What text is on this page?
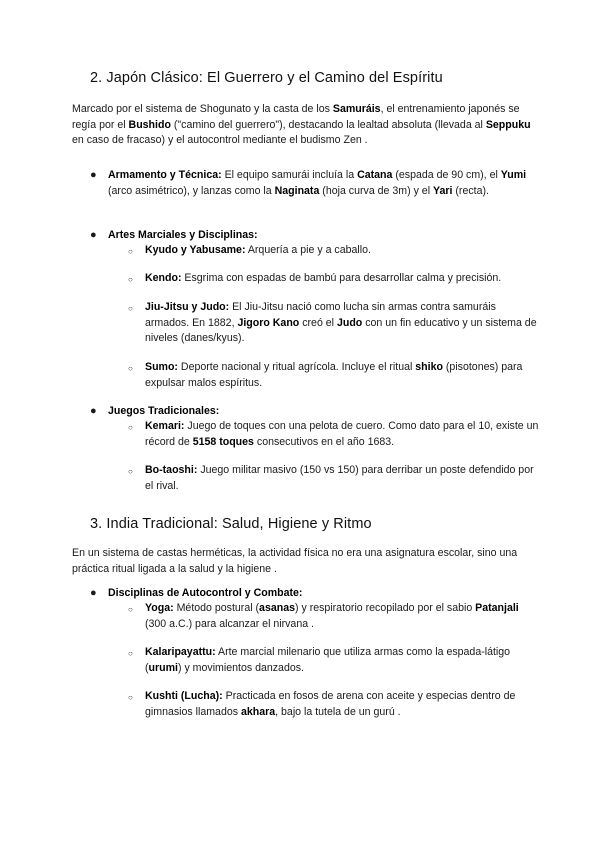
2. Japón Clásico: El Guerrero y el Camino del Espíritu

Marcado por el sistema de Shogunato y la casta de los Samuráis, el entrenamiento japonés se regía por el Bushido ("camino del guerrero"), destacando la lealtad absoluta (llevada al Seppuku en caso de fracaso) y el autocontrol mediante el budismo Zen .

● Armamento y Técnica: El equipo samurái incluía la Catana (espada de 90 cm), el Yumi (arco asimétrico), y lanzas como la Naginata (hoja curva de 3m) y el Yari (recta).
● Artes Marciales y Disciplinas:
○ Kyudo y Yabusame: Arquería a pie y a caballo.
○ Kendo: Esgrima con espadas de bambú para desarrollar calma y precisión.
○ Jiu-Jitsu y Judo: El Jiu-Jitsu nació como lucha sin armas contra samuráis armados. En 1882, Jigoro Kano creó el Judo con un fin educativo y un sistema de niveles (danes/kyus).
○ Sumo: Deporte nacional y ritual agrícola. Incluye el ritual shiko (pisotones) para expulsar malos espíritus.
● Juegos Tradicionales:
○ Kemari: Juego de toques con una pelota de cuero. Como dato para el 10, existe un récord de 5158 toques consecutivos en el año 1683.
○ Bo-taoshi: Juego militar masivo (150 vs 150) para derribar un poste defendido por el rival.
3. India Tradicional: Salud, Higiene y Ritmo

En un sistema de castas herméticas, la actividad física no era una asignatura escolar, sino una práctica ritual ligada a la salud y la higiene .

● Disciplinas de Autocontrol y Combate:
○ Yoga: Método postural (asanas) y respiratorio recopilado por el sabio Patanjali (300 a.C.) para alcanzar el nirvana .
○ Kalaripayattu: Arte marcial milenario que utiliza armas como la espada-látigo (urumi) y movimientos danzados.
○ Kushti (Lucha): Practicada en fosos de arena con aceite y especias dentro de gimnasios llamados akhara, bajo la tutela de un gurú .
